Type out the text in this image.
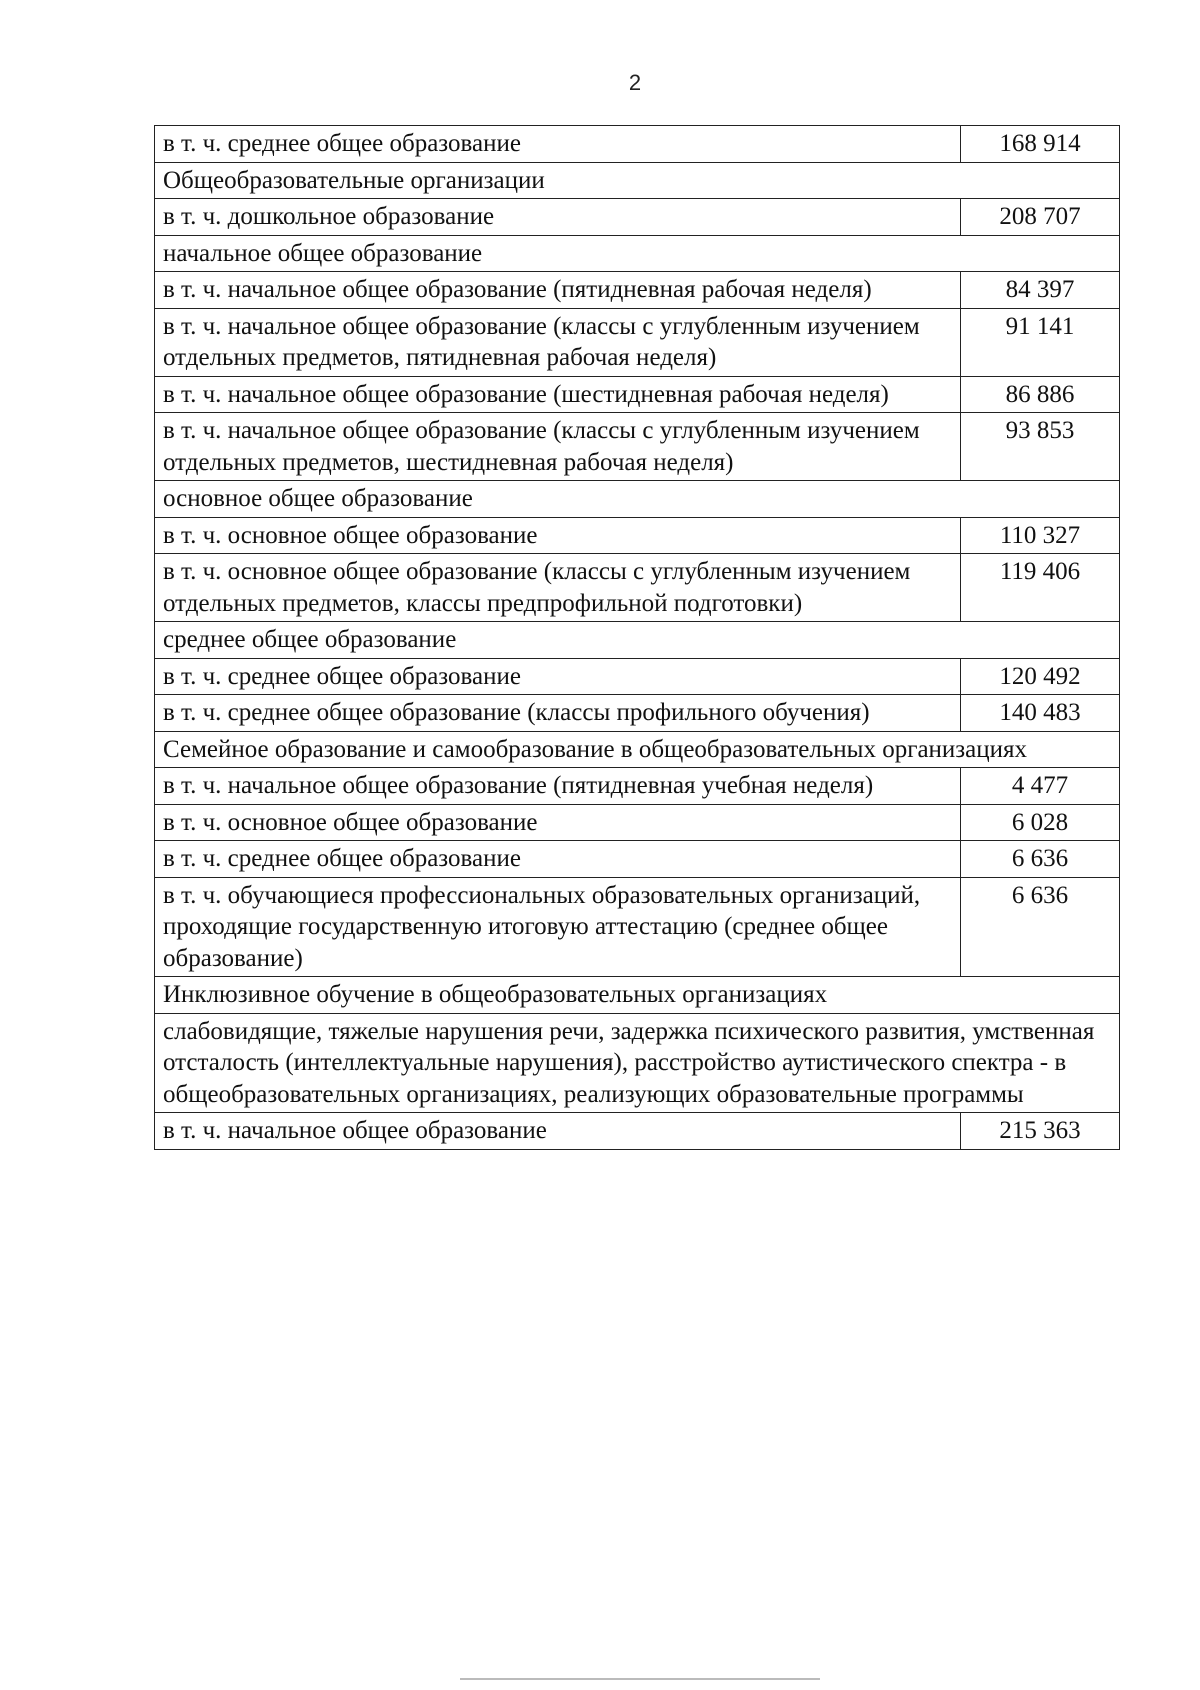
2
в т. ч. среднее общее образование	168 914
Общеобразовательные организации	
в т. ч. дошкольное образование	208 707
начальное общее образование	
в т. ч. начальное общее образование (пятидневная рабочая неделя)	84 397
в т. ч. начальное общее образование (классы с углубленным изучением отдельных предметов, пятидневная рабочая неделя)	91 141
в т. ч. начальное общее образование (шестидневная рабочая неделя)	86 886
в т. ч. начальное общее образование (классы с углубленным изучением отдельных предметов, шестидневная рабочая неделя)	93 853
основное общее образование	
в т. ч. основное общее образование	110 327
в т. ч. основное общее образование (классы с углубленным изучением отдельных предметов, классы предпрофильной подготовки)	119 406
среднее общее образование	
в т. ч. среднее общее образование	120 492
в т. ч. среднее общее образование (классы профильного обучения)	140 483
Семейное образование и самообразование в общеобразовательных организациях	
в т. ч. начальное общее образование (пятидневная учебная неделя)	4 477
в т. ч. основное общее образование	6 028
в т. ч. среднее общее образование	6 636
в т. ч. обучающиеся профессиональных образовательных организаций, проходящие государственную итоговую аттестацию (среднее общее образование)	6 636
Инклюзивное обучение в общеобразовательных организациях	
слабовидящие, тяжелые нарушения речи, задержка психического развития, умственная отсталость (интеллектуальные нарушения), расстройство аутистического спектра - в общеобразовательных организациях, реализующих образовательные программы	
в т. ч. начальное общее образование	215 363
